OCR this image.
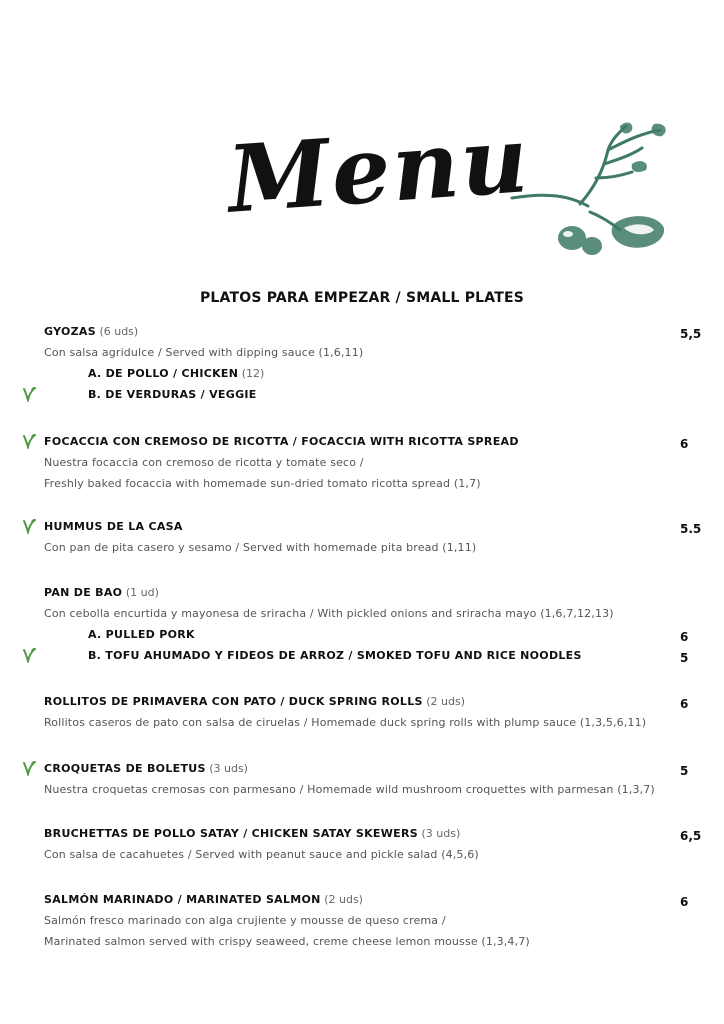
Menu
PLATOS PARA EMPEZAR / SMALL PLATES
GYOZAS (6 uds)	5,5
Con salsa agridulce / Served with dipping sauce (1,6,11)
A. DE POLLO / CHICKEN (12)
B. DE VERDURAS / VEGGIE
FOCACCIA CON CREMOSO DE RICOTTA / FOCACCIA WITH RICOTTA SPREAD	6
Nuestra focaccia con cremoso de ricotta y tomate seco /
Freshly baked focaccia with homemade sun-dried tomato ricotta spread (1,7)
HUMMUS DE LA CASA	5.5
Con pan de pita casero y sesamo / Served with homemade pita bread (1,11)
PAN DE BAO (1 ud)
Con cebolla encurtida y mayonesa de sriracha / With pickled onions and sriracha mayo (1,6,7,12,13)
A. PULLED PORK	6
B. TOFU AHUMADO Y FIDEOS DE ARROZ / SMOKED TOFU AND RICE NOODLES	5
ROLLITOS DE PRIMAVERA CON PATO / DUCK SPRING ROLLS (2 uds)	6
Rollitos caseros de pato con salsa de ciruelas / Homemade duck spring rolls with plump sauce (1,3,5,6,11)
CROQUETAS DE BOLETUS (3 uds)	5
Nuestra croquetas cremosas con parmesano / Homemade wild mushroom croquettes with parmesan (1,3,7)
BRUCHETTAS DE POLLO SATAY / CHICKEN SATAY SKEWERS (3 uds)	6,5
Con salsa de cacahuetes / Served with peanut sauce and pickle salad (4,5,6)
SALMÓN MARINADO / MARINATED SALMON (2 uds)	6
Salmón fresco marinado con alga crujiente y mousse de queso crema /
Marinated salmon served with crispy seaweed, creme cheese lemon mousse (1,3,4,7)
